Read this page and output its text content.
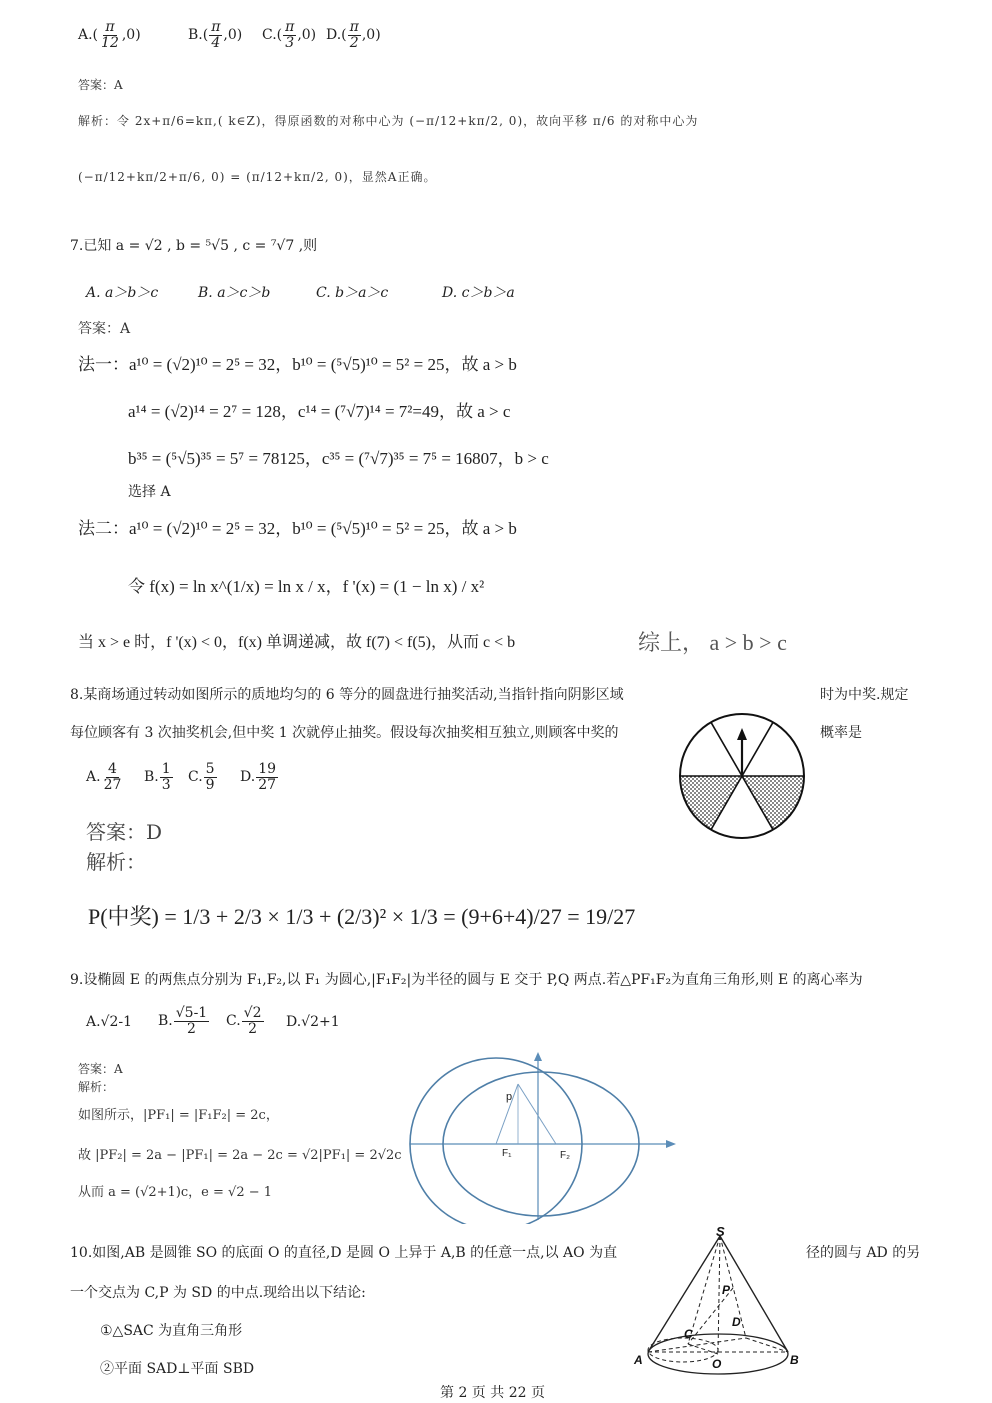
$A.( \frac{\pi}{12} ,0)$	$B.( \frac{\pi}{4} ,0)$ $C.( \frac{\pi}{3} ,0)$ $D.( \frac{\pi}{2} ,0)$
答案：A
解析：令 2x+π/6=kπ,( k∈Z)，得原函数的对称中心为 (−π/12+kπ/2, 0)，故向平移 π/6 的对称中心为
(−π/12+kπ/2+π/6, 0) = (π/12+kπ/2, 0)，显然A正确。
7.已知 a = √2 , b = ⁵√5 , c = ⁷√7 ,则
A. a＞b＞c	B. a＞c＞b	C. b＞a＞c	D. c＞b＞a
答案：A
法一：a¹⁰ = (√2)¹⁰ = 2⁵ = 32，b¹⁰ = (⁵√5)¹⁰ = 5² = 25，故 a > b
a¹⁴ = (√2)¹⁴ = 2⁷ = 128，c¹⁴ = (⁷√7)¹⁴ = 7²=49，故 a > c
b³⁵ = (⁵√5)³⁵ = 5⁷ = 78125，c³⁵ = (⁷√7)³⁵ = 7⁵ = 16807，b > c
选择 A
法二：a¹⁰ = (√2)¹⁰ = 2⁵ = 32，b¹⁰ = (⁵√5)¹⁰ = 5² = 25，故 a > b
令 f(x) = ln x^(1/x) = ln x / x，f '(x) = (1 − ln x) / x²
当 x > e 时，f '(x) < 0，f(x) 单调递减，故 f(7) < f(5)，从而 c < b	综上， a > b > c
8.某商场通过转动如图所示的质地均匀的 6 等分的圆盘进行抽奖活动,当指针指向阴影区域	时为中奖.规定
每位顾客有 3 次抽奖机会,但中奖 1 次就停止抽奖。假设每次抽奖相互独立,则顾客中奖的	概率是
A. $\frac{4}{27} B$. $\frac{1}{3} C$. $\frac{5}{9} D$. $\frac{19}{27}$
答案：D
解析：
P(中奖) = 1/3 + 2/3 × 1/3 + (2/3)² × 1/3 = (9+6+4)/27 = 19/27
9.设椭圆 E 的两焦点分别为 F₁,F₂,以 F₁ 为圆心,|F₁F₂|为半径的圆与 E 交于 P,Q 两点.若△PF₁F₂为直角三角形,则 E 的离心率为
A.√2-1 B. $\frac{√5-1}{2} C$. $\frac{√2}{2} D.√2+1$
答案：A
解析：
如图所示，|PF₁| = |F₁F₂| = 2c，
故 |PF₂| = 2a − |PF₁| = 2a − 2c = √2|PF₁| = 2√2c
从而 a = (√2+1)c，e = √2 − 1
p
F₁	F₂
10.如图,AB 是圆锥 SO 的底面 O 的直径,D 是圆 O 上异于 A,B 的任意一点,以 AO 为直	径的圆与 AD 的另
一个交点为 C,P 为 SD 的中点.现给出以下结论:
①△SAC 为直角三角形
②平面 SAD⊥平面 SBD
S
P
D
C
A	O	B
第 2 页 共 22 页
